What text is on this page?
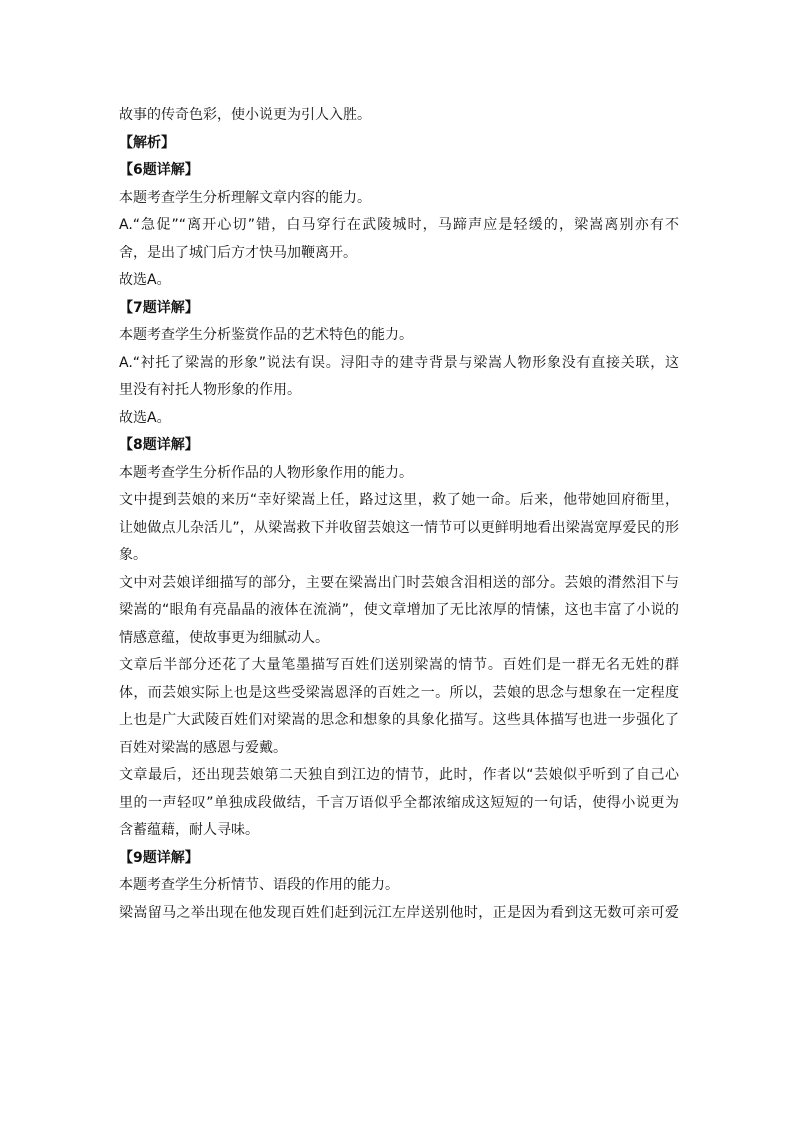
故事的传奇色彩，使小说更为引人入胜。
【解析】
【6题详解】
本题考查学生分析理解文章内容的能力。
A.“急促”“离开心切”错，白马穿行在武陵城时，马蹄声应是轻缓的，梁嵩离别亦有不
舍，是出了城门后方才快马加鞭离开。
故选A。
【7题详解】
本题考查学生分析鉴赏作品的艺术特色的能力。
A.“衬托了梁嵩的形象”说法有误。浔阳寺的建寺背景与梁嵩人物形象没有直接关联，这
里没有衬托人物形象的作用。
故选A。
【8题详解】
本题考查学生分析作品的人物形象作用的能力。
文中提到芸娘的来历“幸好梁嵩上任，路过这里，救了她一命。后来，他带她回府衙里，
让她做点儿杂活儿”，从梁嵩救下并收留芸娘这一情节可以更鲜明地看出梁嵩宽厚爱民的形
象。
文中对芸娘详细描写的部分，主要在梁嵩出门时芸娘含泪相送的部分。芸娘的潸然泪下与
梁嵩的“眼角有亮晶晶的液体在流淌”，使文章增加了无比浓厚的情愫，这也丰富了小说的
情感意蕴，使故事更为细腻动人。
文章后半部分还花了大量笔墨描写百姓们送别梁嵩的情节。百姓们是一群无名无姓的群
体，而芸娘实际上也是这些受梁嵩恩泽的百姓之一。所以，芸娘的思念与想象在一定程度
上也是广大武陵百姓们对梁嵩的思念和想象的具象化描写。这些具体描写也进一步强化了
百姓对梁嵩的感恩与爱戴。
文章最后，还出现芸娘第二天独自到江边的情节，此时，作者以“芸娘似乎听到了自己心
里的一声轻叹”单独成段做结，千言万语似乎全都浓缩成这短短的一句话，使得小说更为
含蓄蕴藉，耐人寻味。
【9题详解】
本题考查学生分析情节、语段的作用的能力。
梁嵩留马之举出现在他发现百姓们赶到沅江左岸送别他时，正是因为看到这无数可亲可爱
